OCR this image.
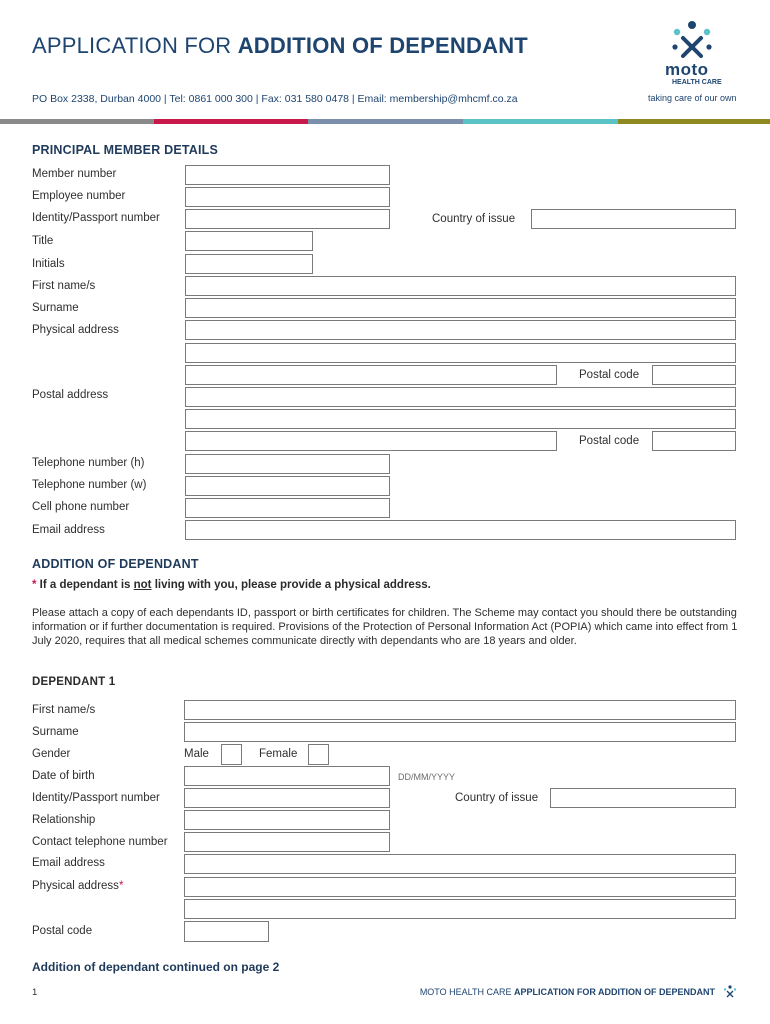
APPLICATION FOR ADDITION OF DEPENDANT
PO Box 2338, Durban 4000 | Tel: 0861 000 300 | Fax: 031 580 0478 | Email: membership@mhcmf.co.za
moto
HEALTH CARE
taking care of our own
PRINCIPAL MEMBER DETAILS
Member number
Employee number
Identity/Passport number	Country of issue
Title
Initials
First name/s
Surname
Physical address
Postal code
Postal address
Postal code
Telephone number (h)
Telephone number (w)
Cell phone number
Email address
ADDITION OF DEPENDANT
* If a dependant is not living with you, please provide a physical address.
Please attach a copy of each dependants ID, passport or birth certificates for children. The Scheme may contact you should there be outstanding information or if further documentation is required. Provisions of the Protection of Personal Information Act (POPIA) which came into effect from 1 July 2020, requires that all medical schemes communicate directly with dependants who are 18 years and older.
DEPENDANT 1
First name/s
Surname
Gender	Male	Female
Date of birth	DD/MM/YYYY
Identity/Passport number	Country of issue
Relationship
Contact telephone number
Email address
Physical address*
Postal code
Addition of dependant continued on page 2
1	MOTO HEALTH CARE APPLICATION FOR ADDITION OF DEPENDANT
